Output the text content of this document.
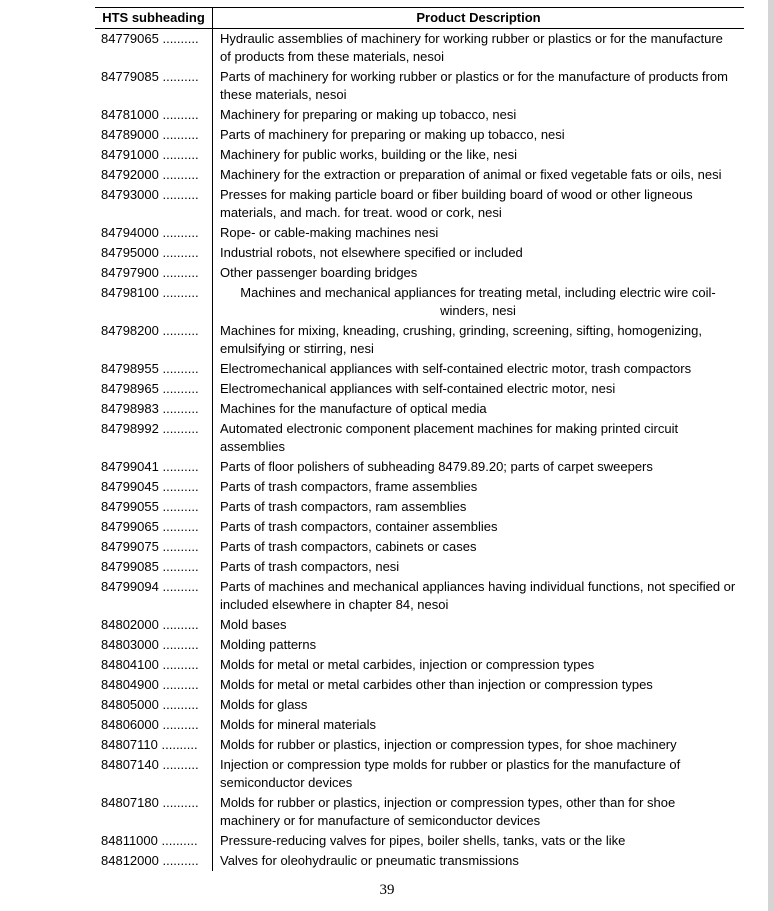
HTS subheading	Product Description
84779065 ..........	Hydraulic assemblies of machinery for working rubber or plastics or for the manufacture of products from these materials, nesoi
84779085 ..........	Parts of machinery for working rubber or plastics or for the manufacture of products from these materials, nesoi
84781000 ..........	Machinery for preparing or making up tobacco, nesi
84789000 ..........	Parts of machinery for preparing or making up tobacco, nesi
84791000 ..........	Machinery for public works, building or the like, nesi
84792000 ..........	Machinery for the extraction or preparation of animal or fixed vegetable fats or oils, nesi
84793000 ..........	Presses for making particle board or fiber building board of wood or other ligneous materials, and mach. for treat. wood or cork, nesi
84794000 ..........	Rope- or cable-making machines nesi
84795000 ..........	Industrial robots, not elsewhere specified or included
84797900 ..........	Other passenger boarding bridges
84798100 ..........	Machines and mechanical appliances for treating metal, including electric wire coil-winders, nesi
84798200 ..........	Machines for mixing, kneading, crushing, grinding, screening, sifting, homogenizing, emulsifying or stirring, nesi
84798955 ..........	Electromechanical appliances with self-contained electric motor, trash compactors
84798965 ..........	Electromechanical appliances with self-contained electric motor, nesi
84798983 ..........	Machines for the manufacture of optical media
84798992 ..........	Automated electronic component placement machines for making printed circuit assemblies
84799041 ..........	Parts of floor polishers of subheading 8479.89.20; parts of carpet sweepers
84799045 ..........	Parts of trash compactors, frame assemblies
84799055 ..........	Parts of trash compactors, ram assemblies
84799065 ..........	Parts of trash compactors, container assemblies
84799075 ..........	Parts of trash compactors, cabinets or cases
84799085 ..........	Parts of trash compactors, nesi
84799094 ..........	Parts of machines and mechanical appliances having individual functions, not specified or included elsewhere in chapter 84, nesoi
84802000 ..........	Mold bases
84803000 ..........	Molding patterns
84804100 ..........	Molds for metal or metal carbides, injection or compression types
84804900 ..........	Molds for metal or metal carbides other than injection or compression types
84805000 ..........	Molds for glass
84806000 ..........	Molds for mineral materials
84807110 ..........	Molds for rubber or plastics, injection or compression types, for shoe machinery
84807140 ..........	Injection or compression type molds for rubber or plastics for the manufacture of semiconductor devices
84807180 ..........	Molds for rubber or plastics, injection or compression types, other than for shoe machinery or for manufacture of semiconductor devices
84811000 ..........	Pressure-reducing valves for pipes, boiler shells, tanks, vats or the like
84812000 ..........	Valves for oleohydraulic or pneumatic transmissions
39
